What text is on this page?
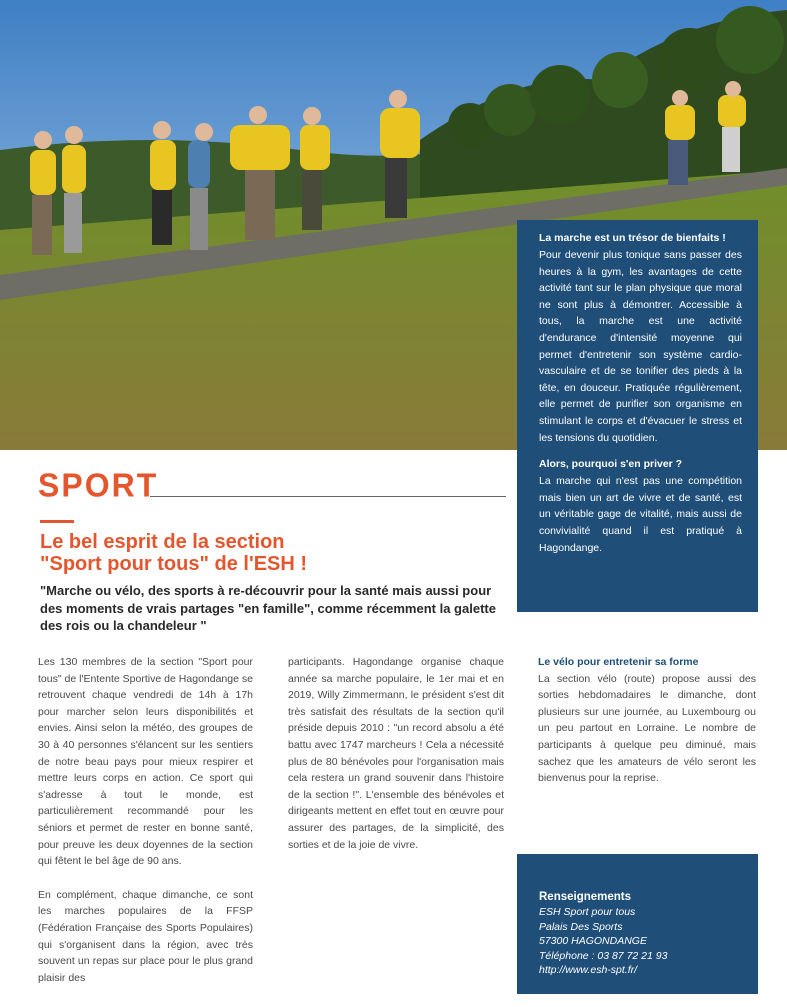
La marche est un trésor de bienfaits !
Pour devenir plus tonique sans passer des heures à la gym, les avantages de cette activité tant sur le plan physique que moral ne sont plus à démontrer. Accessible à tous, la marche est une activité d'endurance d'intensité moyenne qui permet d'entretenir son système cardio-vasculaire et de se tonifier des pieds à la tête, en douceur. Pratiquée régulièrement, elle permet de purifier son organisme en stimulant le corps et d'évacuer le stress et les tensions du quotidien.
Alors, pourquoi s'en priver ?
La marche qui n'est pas une compétition mais bien un art de vivre et de santé, est un véritable gage de vitalité, mais aussi de convivialité quand il est pratiqué à Hagondange.
SPORT
Le bel esprit de la section
"Sport pour tous" de l'ESH !
"Marche ou vélo, des sports à re-découvrir pour la santé mais aussi pour des moments de vrais partages "en famille", comme récemment la galette des rois ou la chandeleur "

Les 130 membres de la section "Sport pour tous" de l'Entente Sportive de Hagondange se retrouvent chaque vendredi de 14h à 17h pour marcher selon leurs disponibilités et envies. Ainsi selon la météo, des groupes de 30 à 40 personnes s'élancent sur les sentiers de notre beau pays pour mieux respirer et mettre leurs corps en action. Ce sport qui s'adresse à tout le monde, est particulièrement recommandé pour les séniors et permet de rester en bonne santé, pour preuve les deux doyennes de la section qui fêtent le bel âge de 90 ans.

En complément, chaque dimanche, ce sont les marches populaires de la FFSP (Fédération Française des Sports Populaires) qui s'organisent dans la région, avec très souvent un repas sur place pour le plus grand plaisir des

participants. Hagondange organise chaque année sa marche populaire, le 1er mai et en 2019, Willy Zimmermann, le président s'est dit très satisfait des résultats de la section qu'il préside depuis 2010 : "un record absolu a été battu avec 1747 marcheurs ! Cela a nécessité plus de 80 bénévoles pour l'organisation mais cela restera un grand souvenir dans l'histoire de la section !". L'ensemble des bénévoles et dirigeants mettent en effet tout en œuvre pour assurer des partages, de la simplicité, des sorties et de la joie de vivre.

Le vélo pour entretenir sa forme

La section vélo (route) propose aussi des sorties hebdomadaires le dimanche, dont plusieurs sur une journée, au Luxembourg ou un peu partout en Lorraine. Le nombre de participants à quelque peu diminué, mais sachez que les amateurs de vélo seront les bienvenus pour la reprise.

Renseignements
ESH Sport pour tous
Palais Des Sports
57300 HAGONDANGE
Téléphone : 03 87 72 21 93
http://www.esh-spt.fr/
